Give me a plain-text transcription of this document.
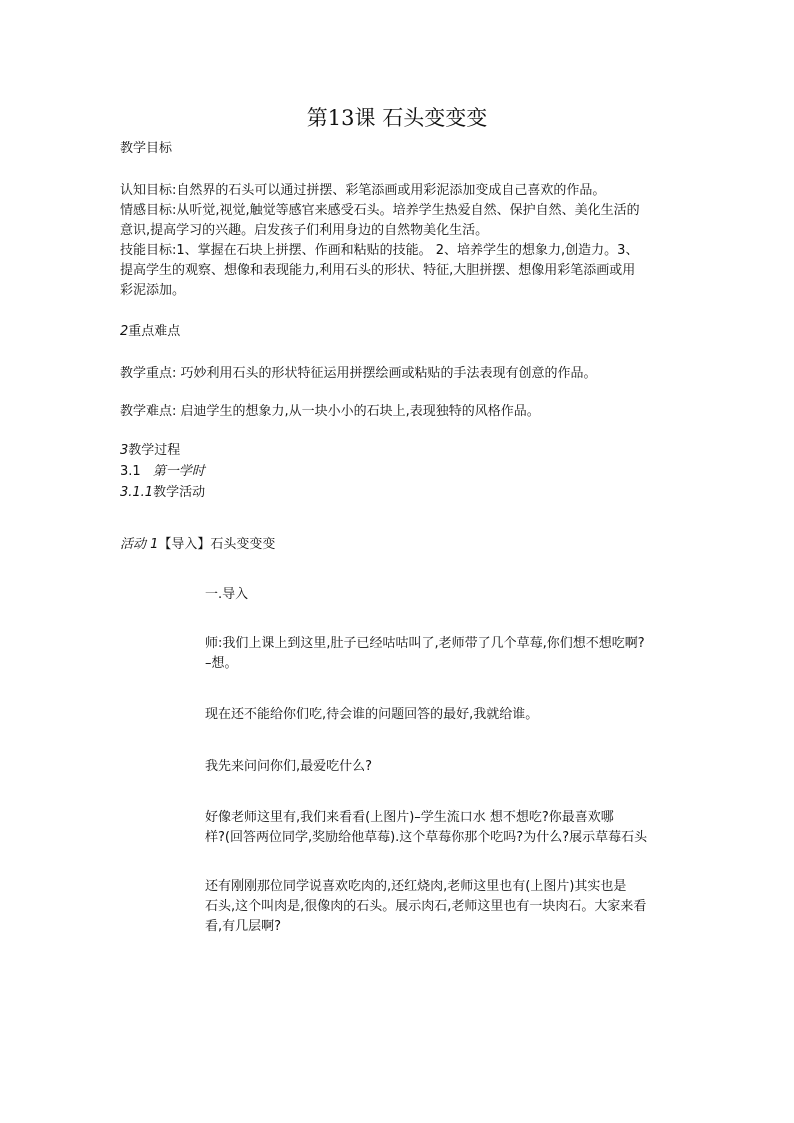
第13课 石头变变变
教学目标

认知目标:自然界的石头可以通过拼摆、彩笔添画或用彩泥添加变成自己喜欢的作品。

情感目标:从听觉,视觉,触觉等感官来感受石头。培养学生热爱自然、保护自然、美化生活的

意识,提高学习的兴趣。启发孩子们利用身边的自然物美化生活。

技能目标:1、掌握在石块上拼摆、作画和粘贴的技能。 2、培养学生的想象力,创造力。3、

提高学生的观察、想像和表现能力,利用石头的形状、特征,大胆拼摆、想像用彩笔添画或用

彩泥添加。

2重点难点
教学重点: 巧妙利用石头的形状特征运用拼摆绘画或粘贴的手法表现有创意的作品。
教学难点: 启迪学生的想象力,从一块小小的石块上,表现独特的风格作品。
3教学过程
3.1 第一学时
3.1.1教学活动
活动 1【导入】石头变变变
一.导入

师:我们上课上到这里,肚子已经咕咕叫了,老师带了几个草莓,你们想不想吃啊?

–想。

现在还不能给你们吃,待会谁的问题回答的最好,我就给谁。
我先来问问你们,最爱吃什么?

好像老师这里有,我们来看看(上图片)–学生流口水 想不想吃?你最喜欢哪

样?(回答两位同学,奖励给他草莓).这个草莓你那个吃吗?为什么?展示草莓石头

还有刚刚那位同学说喜欢吃肉的,还红烧肉,老师这里也有(上图片)其实也是

石头,这个叫肉是,很像肉的石头。展示肉石,老师这里也有一块肉石。大家来看

看,有几层啊?
